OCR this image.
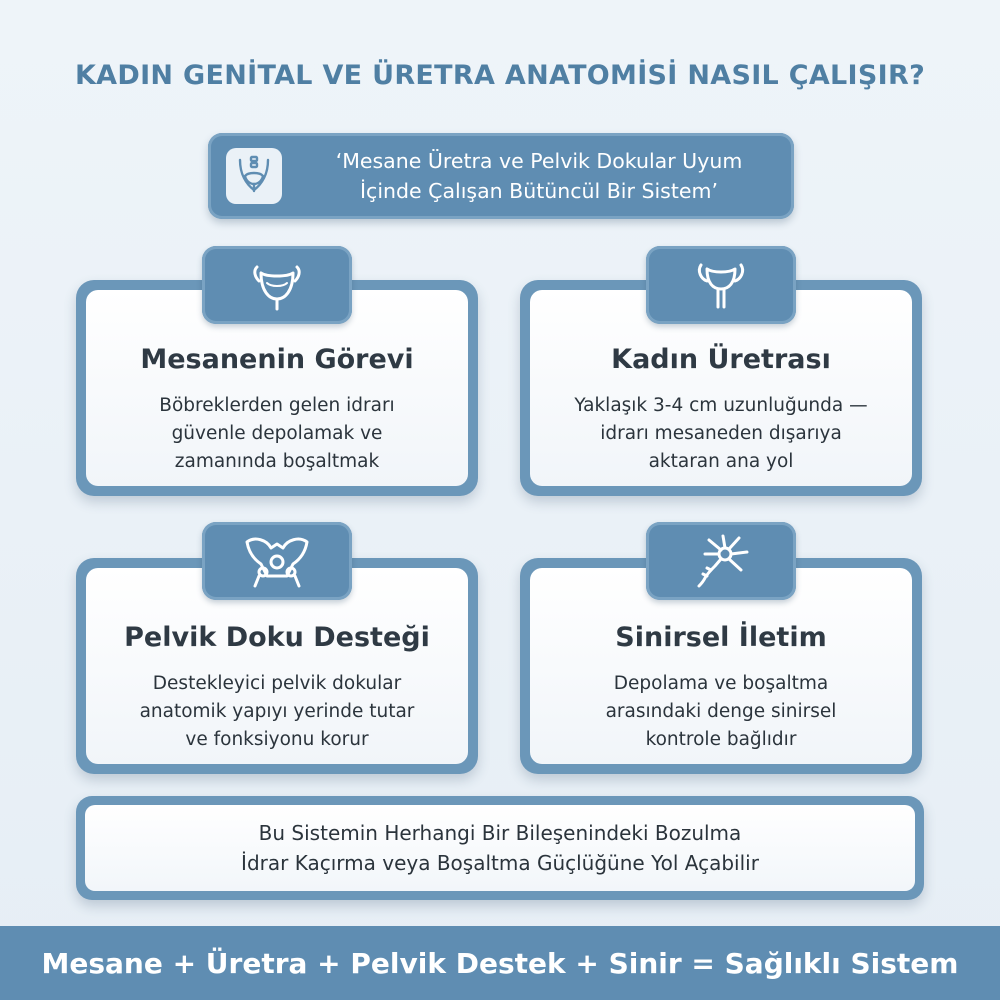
KADIN GENİTAL VE ÜRETRA ANATOMİSİ NASIL ÇALIŞIR?
‘Mesane Üretra ve Pelvik Dokular Uyum
İçinde Çalışan Bütüncül Bir Sistem’
Mesanenin Görevi

Böbreklerden gelen idrarı
güvenle depolamak ve
zamanında boşaltmak

Kadın Üretrası

Yaklaşık 3-4 cm uzunluğunda —
idrarı mesaneden dışarıya
aktaran ana yol

Pelvik Doku Desteği

Destekleyici pelvik dokular
anatomik yapıyı yerinde tutar
ve fonksiyonu korur

Sinirsel İletim

Depolama ve boşaltma
arasındaki denge sinirsel
kontrole bağlıdır

Bu Sistemin Herhangi Bir Bileşenindeki Bozulma
İdrar Kaçırma veya Boşaltma Güçlüğüne Yol Açabilir
Mesane + Üretra + Pelvik Destek + Sinir = Sağlıklı Sistem
